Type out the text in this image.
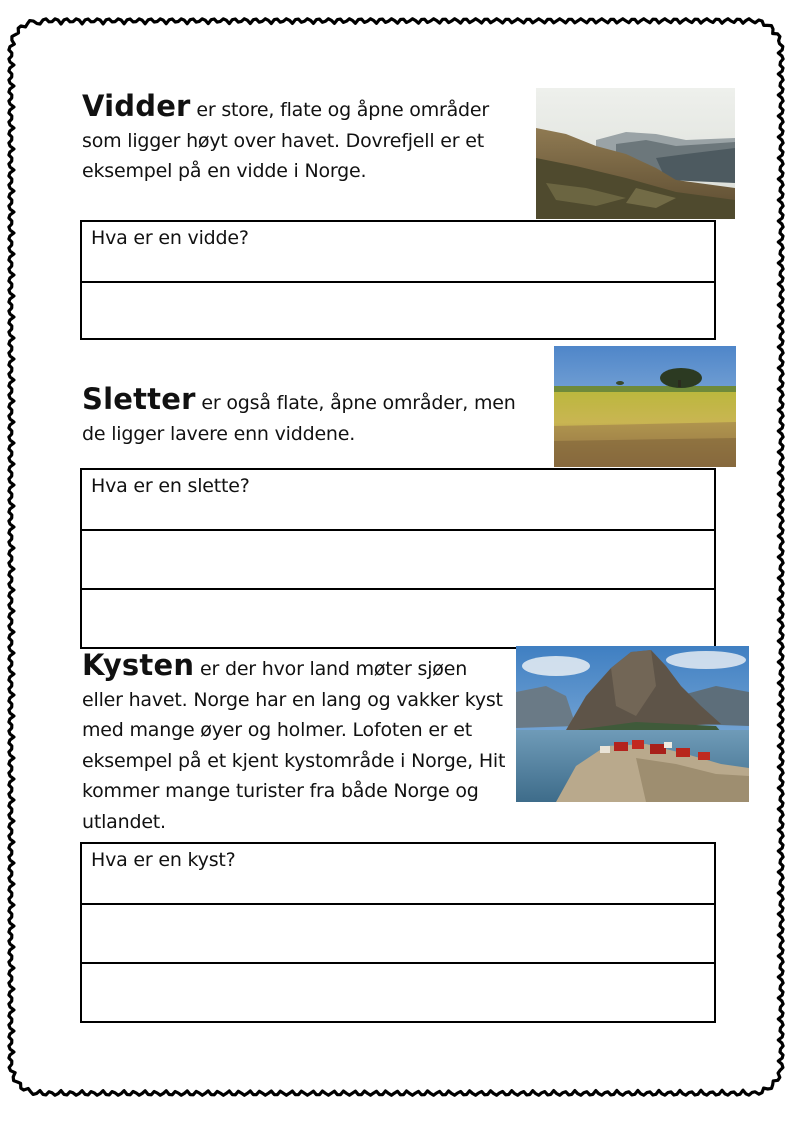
Vidder er store, flate og åpne områder som ligger høyt over havet. Dovrefjell er et eksempel på en vidde i Norge.

Hva er en vidde?

Sletter er også flate, åpne områder, men de ligger lavere enn viddene.

Hva er en slette?

Kysten er der hvor land møter sjøen eller havet. Norge har en lang og vakker kyst med mange øyer og holmer. Lofoten er et eksempel på et kjent kystområde i Norge, Hit kommer mange turister fra både Norge og utlandet.

Hva er en kyst?
